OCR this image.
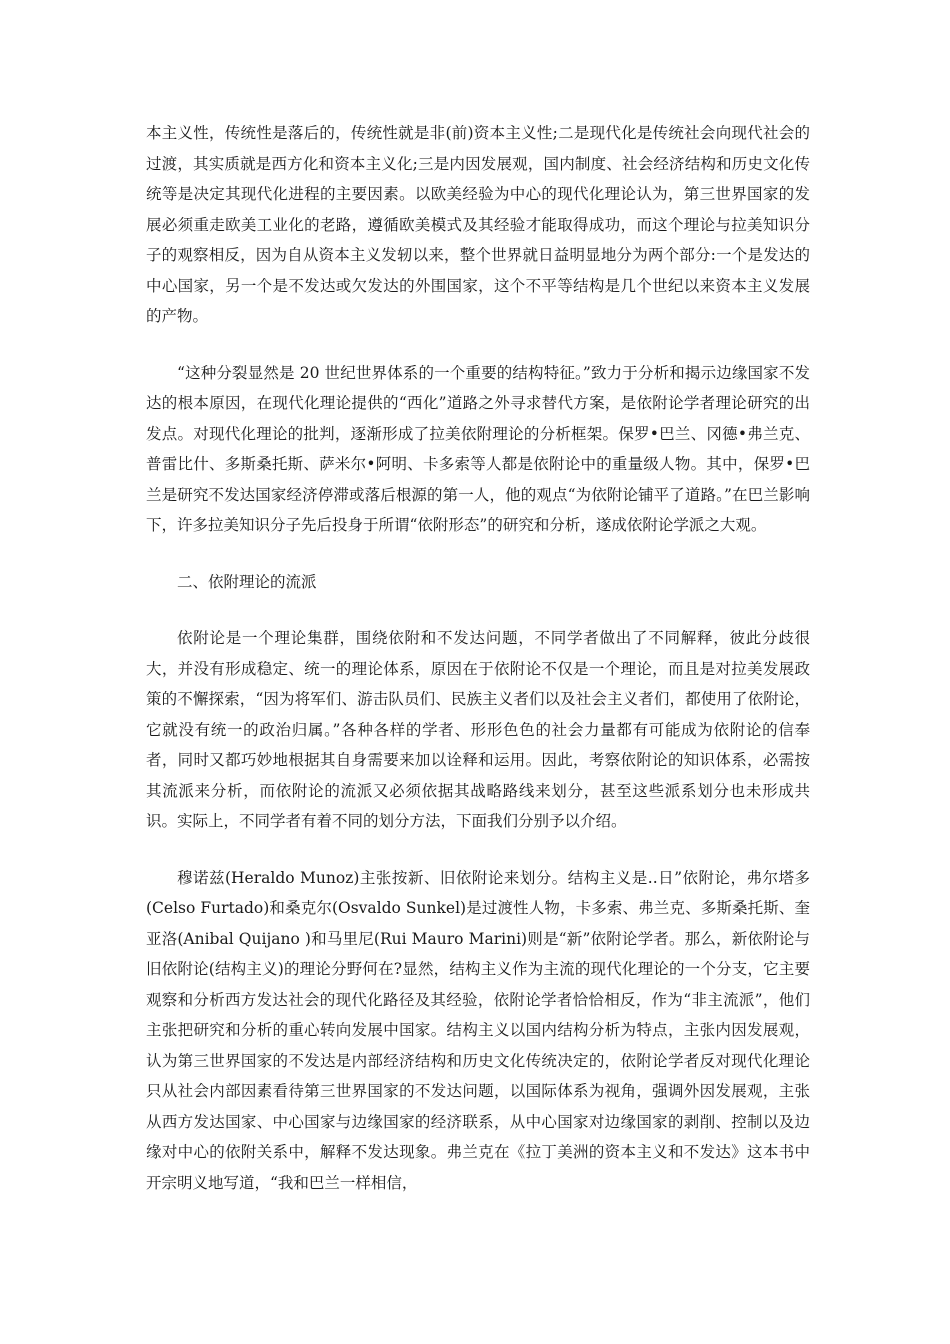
本主义性，传统性是落后的，传统性就是非(前)资本主义性;二是现代化是传统社会向现代社会的过渡，其实质就是西方化和资本主义化;三是内因发展观，国内制度、社会经济结构和历史文化传统等是决定其现代化进程的主要因素。以欧美经验为中心的现代化理论认为，第三世界国家的发展必须重走欧美工业化的老路，遵循欧美模式及其经验才能取得成功，而这个理论与拉美知识分子的观察相反，因为自从资本主义发轫以来，整个世界就日益明显地分为两个部分:一个是发达的中心国家，另一个是不发达或欠发达的外围国家，这个不平等结构是几个世纪以来资本主义发展的产物。

“这种分裂显然是 20 世纪世界体系的一个重要的结构特征。”致力于分析和揭示边缘国家不发达的根本原因，在现代化理论提供的“西化”道路之外寻求替代方案，是依附论学者理论研究的出发点。对现代化理论的批判，逐渐形成了拉美依附理论的分析框架。保罗•巴兰、冈德•弗兰克、普雷比什、多斯桑托斯、萨米尔•阿明、卡多索等人都是依附论中的重量级人物。其中，保罗•巴兰是研究不发达国家经济停滞或落后根源的第一人，他的观点“为依附论铺平了道路。”在巴兰影响下，许多拉美知识分子先后投身于所谓“依附形态”的研究和分析，遂成依附论学派之大观。

二、依附理论的流派

依附论是一个理论集群，围绕依附和不发达问题，不同学者做出了不同解释，彼此分歧很大，并没有形成稳定、统一的理论体系，原因在于依附论不仅是一个理论，而且是对拉美发展政策的不懈探索，“因为将军们、游击队员们、民族主义者们以及社会主义者们，都使用了依附论，它就没有统一的政治归属。”各种各样的学者、形形色色的社会力量都有可能成为依附论的信奉者，同时又都巧妙地根据其自身需要来加以诠释和运用。因此，考察依附论的知识体系，必需按其流派来分析，而依附论的流派又必须依据其战略路线来划分，甚至这些派系划分也未形成共识。实际上，不同学者有着不同的划分方法，下面我们分别予以介绍。

穆诺兹(Heraldo Munoz)主张按新、旧依附论来划分。结构主义是..日”依附论，弗尔塔多(Celso Furtado)和桑克尔(Osvaldo Sunkel)是过渡性人物，卡多索、弗兰克、多斯桑托斯、奎亚洛(Anibal Quijano )和马里尼(Rui Mauro Marini)则是“新”依附论学者。那么，新依附论与旧依附论(结构主义)的理论分野何在?显然，结构主义作为主流的现代化理论的一个分支，它主要观察和分析西方发达社会的现代化路径及其经验，依附论学者恰恰相反，作为“非主流派”，他们主张把研究和分析的重心转向发展中国家。结构主义以国内结构分析为特点，主张内因发展观，认为第三世界国家的不发达是内部经济结构和历史文化传统决定的，依附论学者反对现代化理论只从社会内部因素看待第三世界国家的不发达问题，以国际体系为视角，强调外因发展观，主张从西方发达国家、中心国家与边缘国家的经济联系，从中心国家对边缘国家的剥削、控制以及边缘对中心的依附关系中，解释不发达现象。弗兰克在《拉丁美洲的资本主义和不发达》这本书中开宗明义地写道，“我和巴兰一样相信，
